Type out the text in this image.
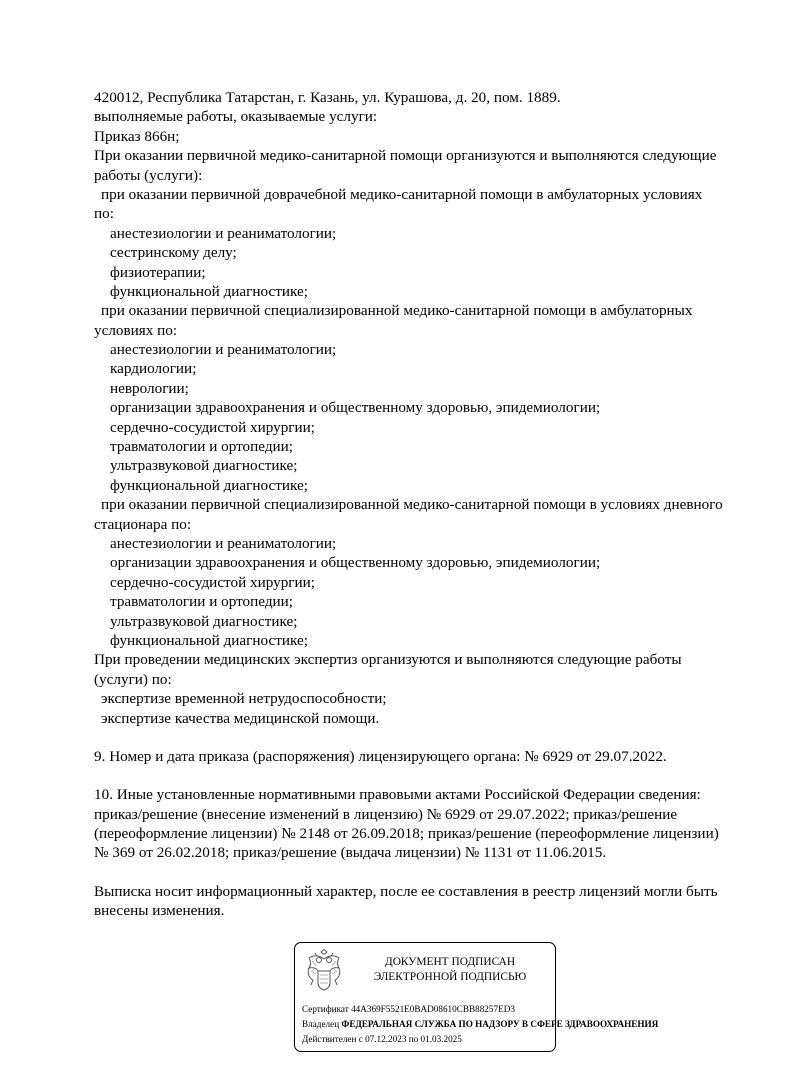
420012, Республика Татарстан, г. Казань, ул. Курашова, д. 20, пом. 1889.
выполняемые работы, оказываемые услуги:
Приказ 866н;
При оказании первичной медико-санитарной помощи организуются и выполняются следующие
работы (услуги):
при оказании первичной доврачебной медико-санитарной помощи в амбулаторных условиях
по:
анестезиологии и реаниматологии;
сестринскому делу;
физиотерапии;
функциональной диагностике;
при оказании первичной специализированной медико-санитарной помощи в амбулаторных
условиях по:
анестезиологии и реаниматологии;
кардиологии;
неврологии;
организации здравоохранения и общественному здоровью, эпидемиологии;
сердечно-сосудистой хирургии;
травматологии и ортопедии;
ультразвуковой диагностике;
функциональной диагностике;
при оказании первичной специализированной медико-санитарной помощи в условиях дневного
стационара по:
анестезиологии и реаниматологии;
организации здравоохранения и общественному здоровью, эпидемиологии;
сердечно-сосудистой хирургии;
травматологии и ортопедии;
ультразвуковой диагностике;
функциональной диагностике;
При проведении медицинских экспертиз организуются и выполняются следующие работы
(услуги) по:
экспертизе временной нетрудоспособности;
экспертизе качества медицинской помощи.
9. Номер и дата приказа (распоряжения) лицензирующего органа: № 6929 от 29.07.2022.
10. Иные установленные нормативными правовыми актами Российской Федерации сведения:
приказ/решение (внесение изменений в лицензию) № 6929 от 29.07.2022; приказ/решение
(переоформление лицензии) № 2148 от 26.09.2018; приказ/решение (переоформление лицензии)
№ 369 от 26.02.2018; приказ/решение (выдача лицензии) № 1131 от 11.06.2015.
Выписка носит информационный характер, после ее составления в реестр лицензий могли быть
внесены изменения.
ДОКУМЕНТ ПОДПИСАН
ЭЛЕКТРОННОЙ ПОДПИСЬЮ
Сертификат 44A369F5521E0BAD08610CBB88257ED3
Владелец ФЕДЕРАЛЬНАЯ СЛУЖБА ПО НАДЗОРУ В СФЕРЕ ЗДРАВООХРАНЕНИЯ
Действителен с 07.12.2023 по 01.03.2025
